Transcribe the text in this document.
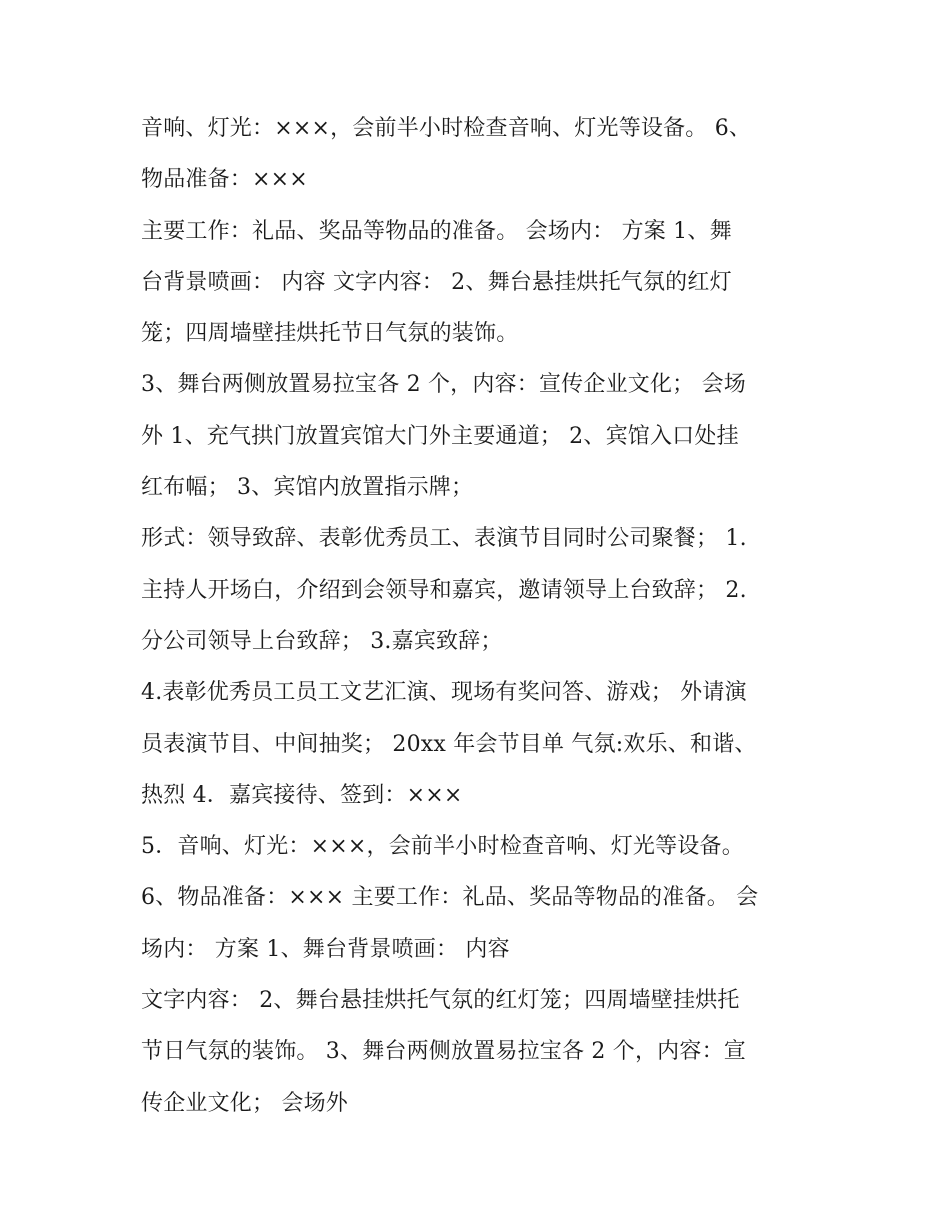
音响、灯光：×××，会前半小时检查音响、灯光等设备。 6、
物品准备：×××
主要工作：礼品、奖品等物品的准备。 会场内： 方案 1、舞
台背景喷画： 内容 文字内容： 2、舞台悬挂烘托气氛的红灯
笼；四周墙壁挂烘托节日气氛的装饰。
3、舞台两侧放置易拉宝各 2 个，内容：宣传企业文化； 会场
外 1、充气拱门放置宾馆大门外主要通道； 2、宾馆入口处挂
红布幅； 3、宾馆内放置指示牌；
形式：领导致辞、表彰优秀员工、表演节目同时公司聚餐； 1.
主持人开场白，介绍到会领导和嘉宾，邀请领导上台致辞； 2.
分公司领导上台致辞； 3.嘉宾致辞；
4.表彰优秀员工员工文艺汇演、现场有奖问答、游戏； 外请演
员表演节目、中间抽奖； 20xx 年会节目单 气氛:欢乐、和谐、
热烈 4．嘉宾接待、签到：×××
5．音响、灯光：×××，会前半小时检查音响、灯光等设备。
6、物品准备：××× 主要工作：礼品、奖品等物品的准备。 会
场内： 方案 1、舞台背景喷画： 内容
文字内容： 2、舞台悬挂烘托气氛的红灯笼；四周墙壁挂烘托
节日气氛的装饰。 3、舞台两侧放置易拉宝各 2 个，内容：宣
传企业文化； 会场外
